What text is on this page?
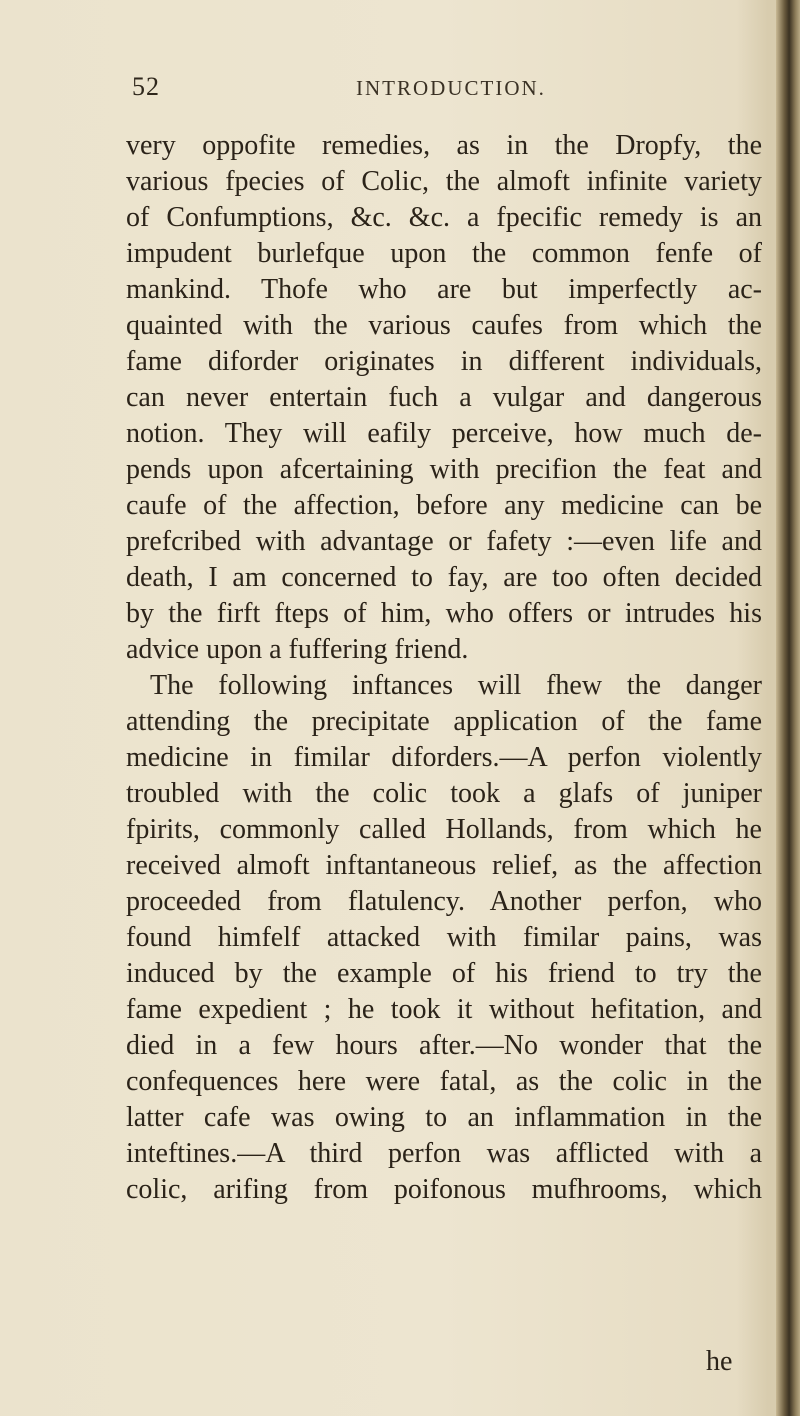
52	INTRODUCTION.
very oppofite remedies, as in the Dropfy, the
various fpecies of Colic, the almoft infinite variety
of Confumptions, &c. &c. a fpecific remedy is an
impudent burlefque upon the common fenfe of
mankind. Thofe who are but imperfectly ac-
quainted with the various caufes from which the
fame diforder originates in different individuals,
can never entertain fuch a vulgar and dangerous
notion. They will eafily perceive, how much de-
pends upon afcertaining with precifion the feat and
caufe of the affection, before any medicine can be
prefcribed with advantage or fafety :—even life and
death, I am concerned to fay, are too often decided
by the firft fteps of him, who offers or intrudes his
advice upon a fuffering friend.
The following inftances will fhew the danger
attending the precipitate application of the fame
medicine in fimilar diforders.—A perfon violently
troubled with the colic took a glafs of juniper
fpirits, commonly called Hollands, from which he
received almoft inftantaneous relief, as the affection
proceeded from flatulency. Another perfon, who
found himfelf attacked with fimilar pains, was
induced by the example of his friend to try the
fame expedient ; he took it without hefitation, and
died in a few hours after.—No wonder that the
confequences here were fatal, as the colic in the
latter cafe was owing to an inflammation in the
inteftines.—A third perfon was afflicted with a
colic, arifing from poifonous mufhrooms, which
he
